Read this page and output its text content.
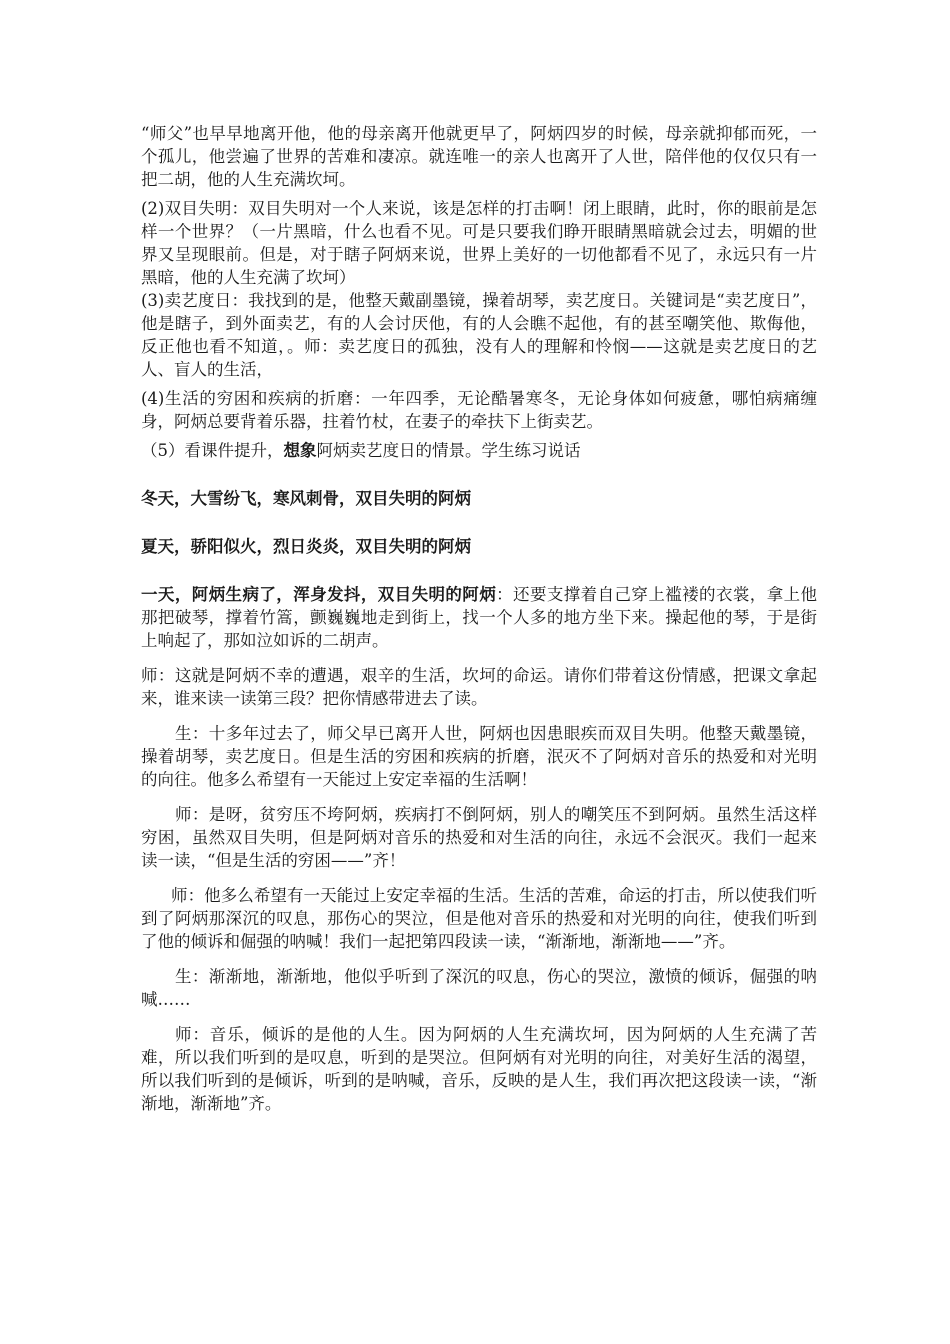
“师父”也早早地离开他，他的母亲离开他就更早了，阿炳四岁的时候，母亲就抑郁而死，一个孤儿，他尝遍了世界的苦难和凄凉。就连唯一的亲人也离开了人世，陪伴他的仅仅只有一把二胡，他的人生充满坎坷。

(2)双目失明：双目失明对一个人来说，该是怎样的打击啊！闭上眼睛，此时，你的眼前是怎样一个世界？（一片黑暗，什么也看不见。可是只要我们睁开眼睛黑暗就会过去，明媚的世界又呈现眼前。但是，对于瞎子阿炳来说，世界上美好的一切他都看不见了，永远只有一片黑暗，他的人生充满了坎坷）

(3)卖艺度日：我找到的是，他整天戴副墨镜，操着胡琴，卖艺度日。关键词是“卖艺度日”，他是瞎子，到外面卖艺，有的人会讨厌他，有的人会瞧不起他，有的甚至嘲笑他、欺侮他，反正他也看不知道，。师：卖艺度日的孤独，没有人的理解和怜悯——这就是卖艺度日的艺人、盲人的生活，

(4)生活的穷困和疾病的折磨：一年四季，无论酷暑寒冬，无论身体如何疲惫，哪怕病痛缠身，阿炳总要背着乐器，拄着竹杖，在妻子的牵扶下上街卖艺。

（5）看课件提升，想象阿炳卖艺度日的情景。学生练习说话

冬天，大雪纷飞，寒风刺骨，双目失明的阿炳

夏天，骄阳似火，烈日炎炎，双目失明的阿炳

一天，阿炳生病了，浑身发抖，双目失明的阿炳：还要支撑着自己穿上褴褛的衣裳，拿上他那把破琴，撑着竹篙，颤巍巍地走到街上，找一个人多的地方坐下来。操起他的琴，于是街上响起了，那如泣如诉的二胡声。

师：这就是阿炳不幸的遭遇，艰辛的生活，坎坷的命运。请你们带着这份情感，把课文拿起来，谁来读一读第三段？把你情感带进去了读。

生：十多年过去了，师父早已离开人世，阿炳也因患眼疾而双目失明。他整天戴墨镜，操着胡琴，卖艺度日。但是生活的穷困和疾病的折磨，泯灭不了阿炳对音乐的热爱和对光明的向往。他多么希望有一天能过上安定幸福的生活啊！

师：是呀，贫穷压不垮阿炳，疾病打不倒阿炳，别人的嘲笑压不到阿炳。虽然生活这样穷困，虽然双目失明，但是阿炳对音乐的热爱和对生活的向往，永远不会泯灭。我们一起来读一读，“但是生活的穷困——”齐！

师：他多么希望有一天能过上安定幸福的生活。生活的苦难，命运的打击，所以使我们听到了阿炳那深沉的叹息，那伤心的哭泣，但是他对音乐的热爱和对光明的向往，使我们听到了他的倾诉和倔强的呐喊！我们一起把第四段读一读，“渐渐地，渐渐地——”齐。

生：渐渐地，渐渐地，他似乎听到了深沉的叹息，伤心的哭泣，激愤的倾诉，倔强的呐喊……

师：音乐，倾诉的是他的人生。因为阿炳的人生充满坎坷，因为阿炳的人生充满了苦难，所以我们听到的是叹息，听到的是哭泣。但阿炳有对光明的向往，对美好生活的渴望，所以我们听到的是倾诉，听到的是呐喊，音乐，反映的是人生，我们再次把这段读一读，“渐渐地，渐渐地”齐。
